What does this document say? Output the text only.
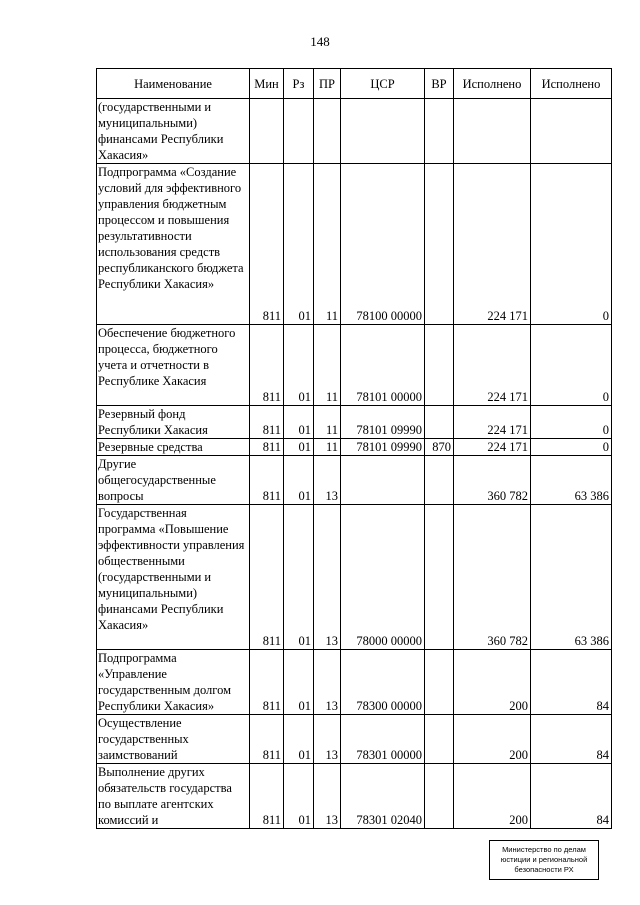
148
Наименование	Мин	Рз	ПР	ЦСР	ВР	Исполнено	Исполнено
(государственными и муниципальными) финансами Республики Хакасия»							
Подпрограмма «Создание условий для эффективного управления бюджетным процессом и повышения результативности использования средств республиканского бюджета Республики Хакасия»	811	01	11	78100 00000		224 171	0
Обеспечение бюджетного процесса, бюджетного учета и отчетности в Республике Хакасия	811	01	11	78101 00000		224 171	0
Резервный фонд Республики Хакасия	811	01	11	78101 09990		224 171	0
Резервные средства	811	01	11	78101 09990	870	224 171	0
Другие общегосударственные вопросы	811	01	13			360 782	63 386
Государственная программа «Повышение эффективности управления общественными (государственными и муниципальными) финансами Республики Хакасия»	811	01	13	78000 00000		360 782	63 386
Подпрограмма «Управление государственным долгом Республики Хакасия»	811	01	13	78300 00000		200	84
Осуществление государственных заимствований	811	01	13	78301 00000		200	84
Выполнение других обязательств государства по выплате агентских комиссий и	811	01	13	78301 02040		200	84
Министерство по делам
юстиции и региональной
безопасности РХ
